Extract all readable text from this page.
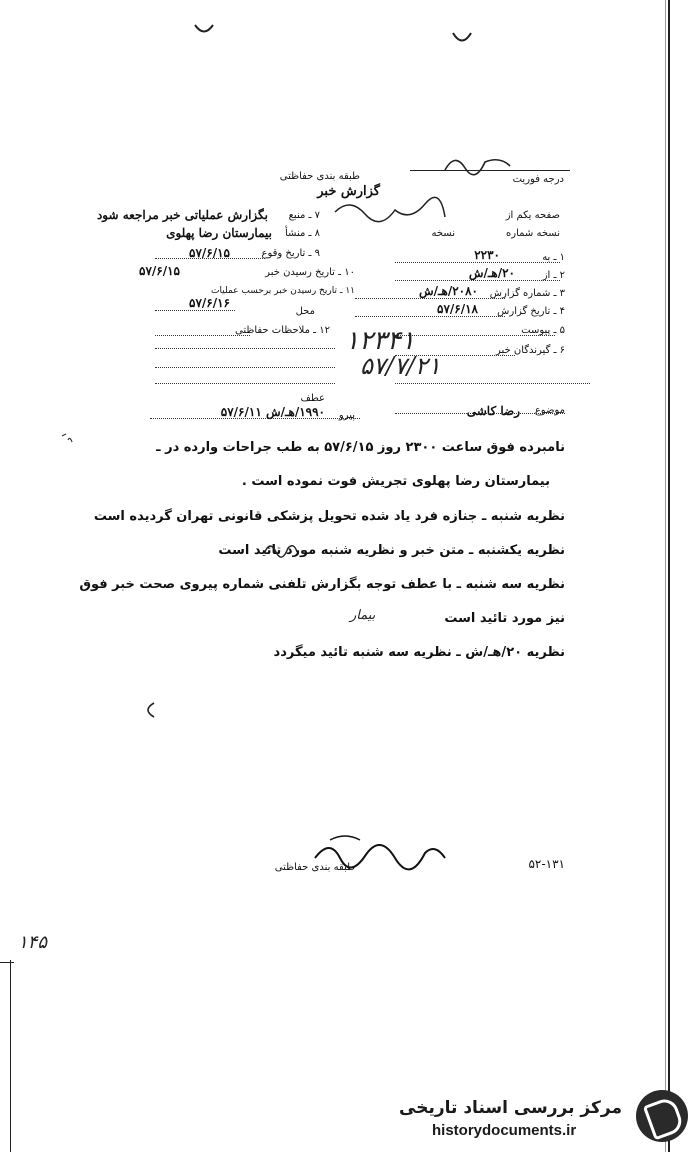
درجه فوریت
طبقه بندی حفاظتی
گزارش خبر
صفحه یکم از
نسخه شماره
نسخه
۱ ـ به
۲۲۳۰
۲ ـ از
۲۰/هـ/ش
۳ ـ شماره گزارش
۲۰۸۰/هـ/ش
۴ ـ تاریخ گزارش
۵۷/۶/۱۸
۵ ـ پیوست
۶ ـ گیرندگان خبر
۱۲۳۴۱
۵۷/۷/۲۱
۷ ـ منبع
بگزارش عملیاتی خبر مراجعه شود
۸ ـ منشأ
بیمارستان رضا پهلوی
۹ ـ تاریخ وقوع
۵۷/۶/۱۵
۱۰ ـ تاریخ رسیدن خبر
۵۷/۶/۱۵
۱۱ ـ تاریخ رسیدن خبر برحسب عملیات
۵۷/۶/۱۶
محل
۱۲ ـ ملاحظات حفاظتی
عطف
پیرو
۱۹۹۰/هـ/ش ۵۷/۶/۱۱	موضوع
رضا کاشی
نامبرده فوق ساعت ۲۳۰۰ روز ۵۷/۶/۱۵ به طب جراحات وارده در ـ
بیمارستان رضا پهلوی تجریش فوت نموده است .
نظریه شنبه ـ جنازه فرد یاد شده تحویل پزشکی قانونی تهران گردیده است
نظریه یکشنبه ـ متن خبر و نظریه شنبه مورد تائید است
نظریه سه شنبه ـ با عطف توجه بگزارش تلفنی شماره پیروی صحت خبر فوق
نیز مورد تائید است
بیمار
نظریه ۲۰/هـ/ش ـ نظریه سه شنبه تائید میگردد
طبقه بندی حفاظتی	۵۲-۱۳۱
۱۴۵
مرکز بررسی اسناد تاریخی
historydocuments.ir
